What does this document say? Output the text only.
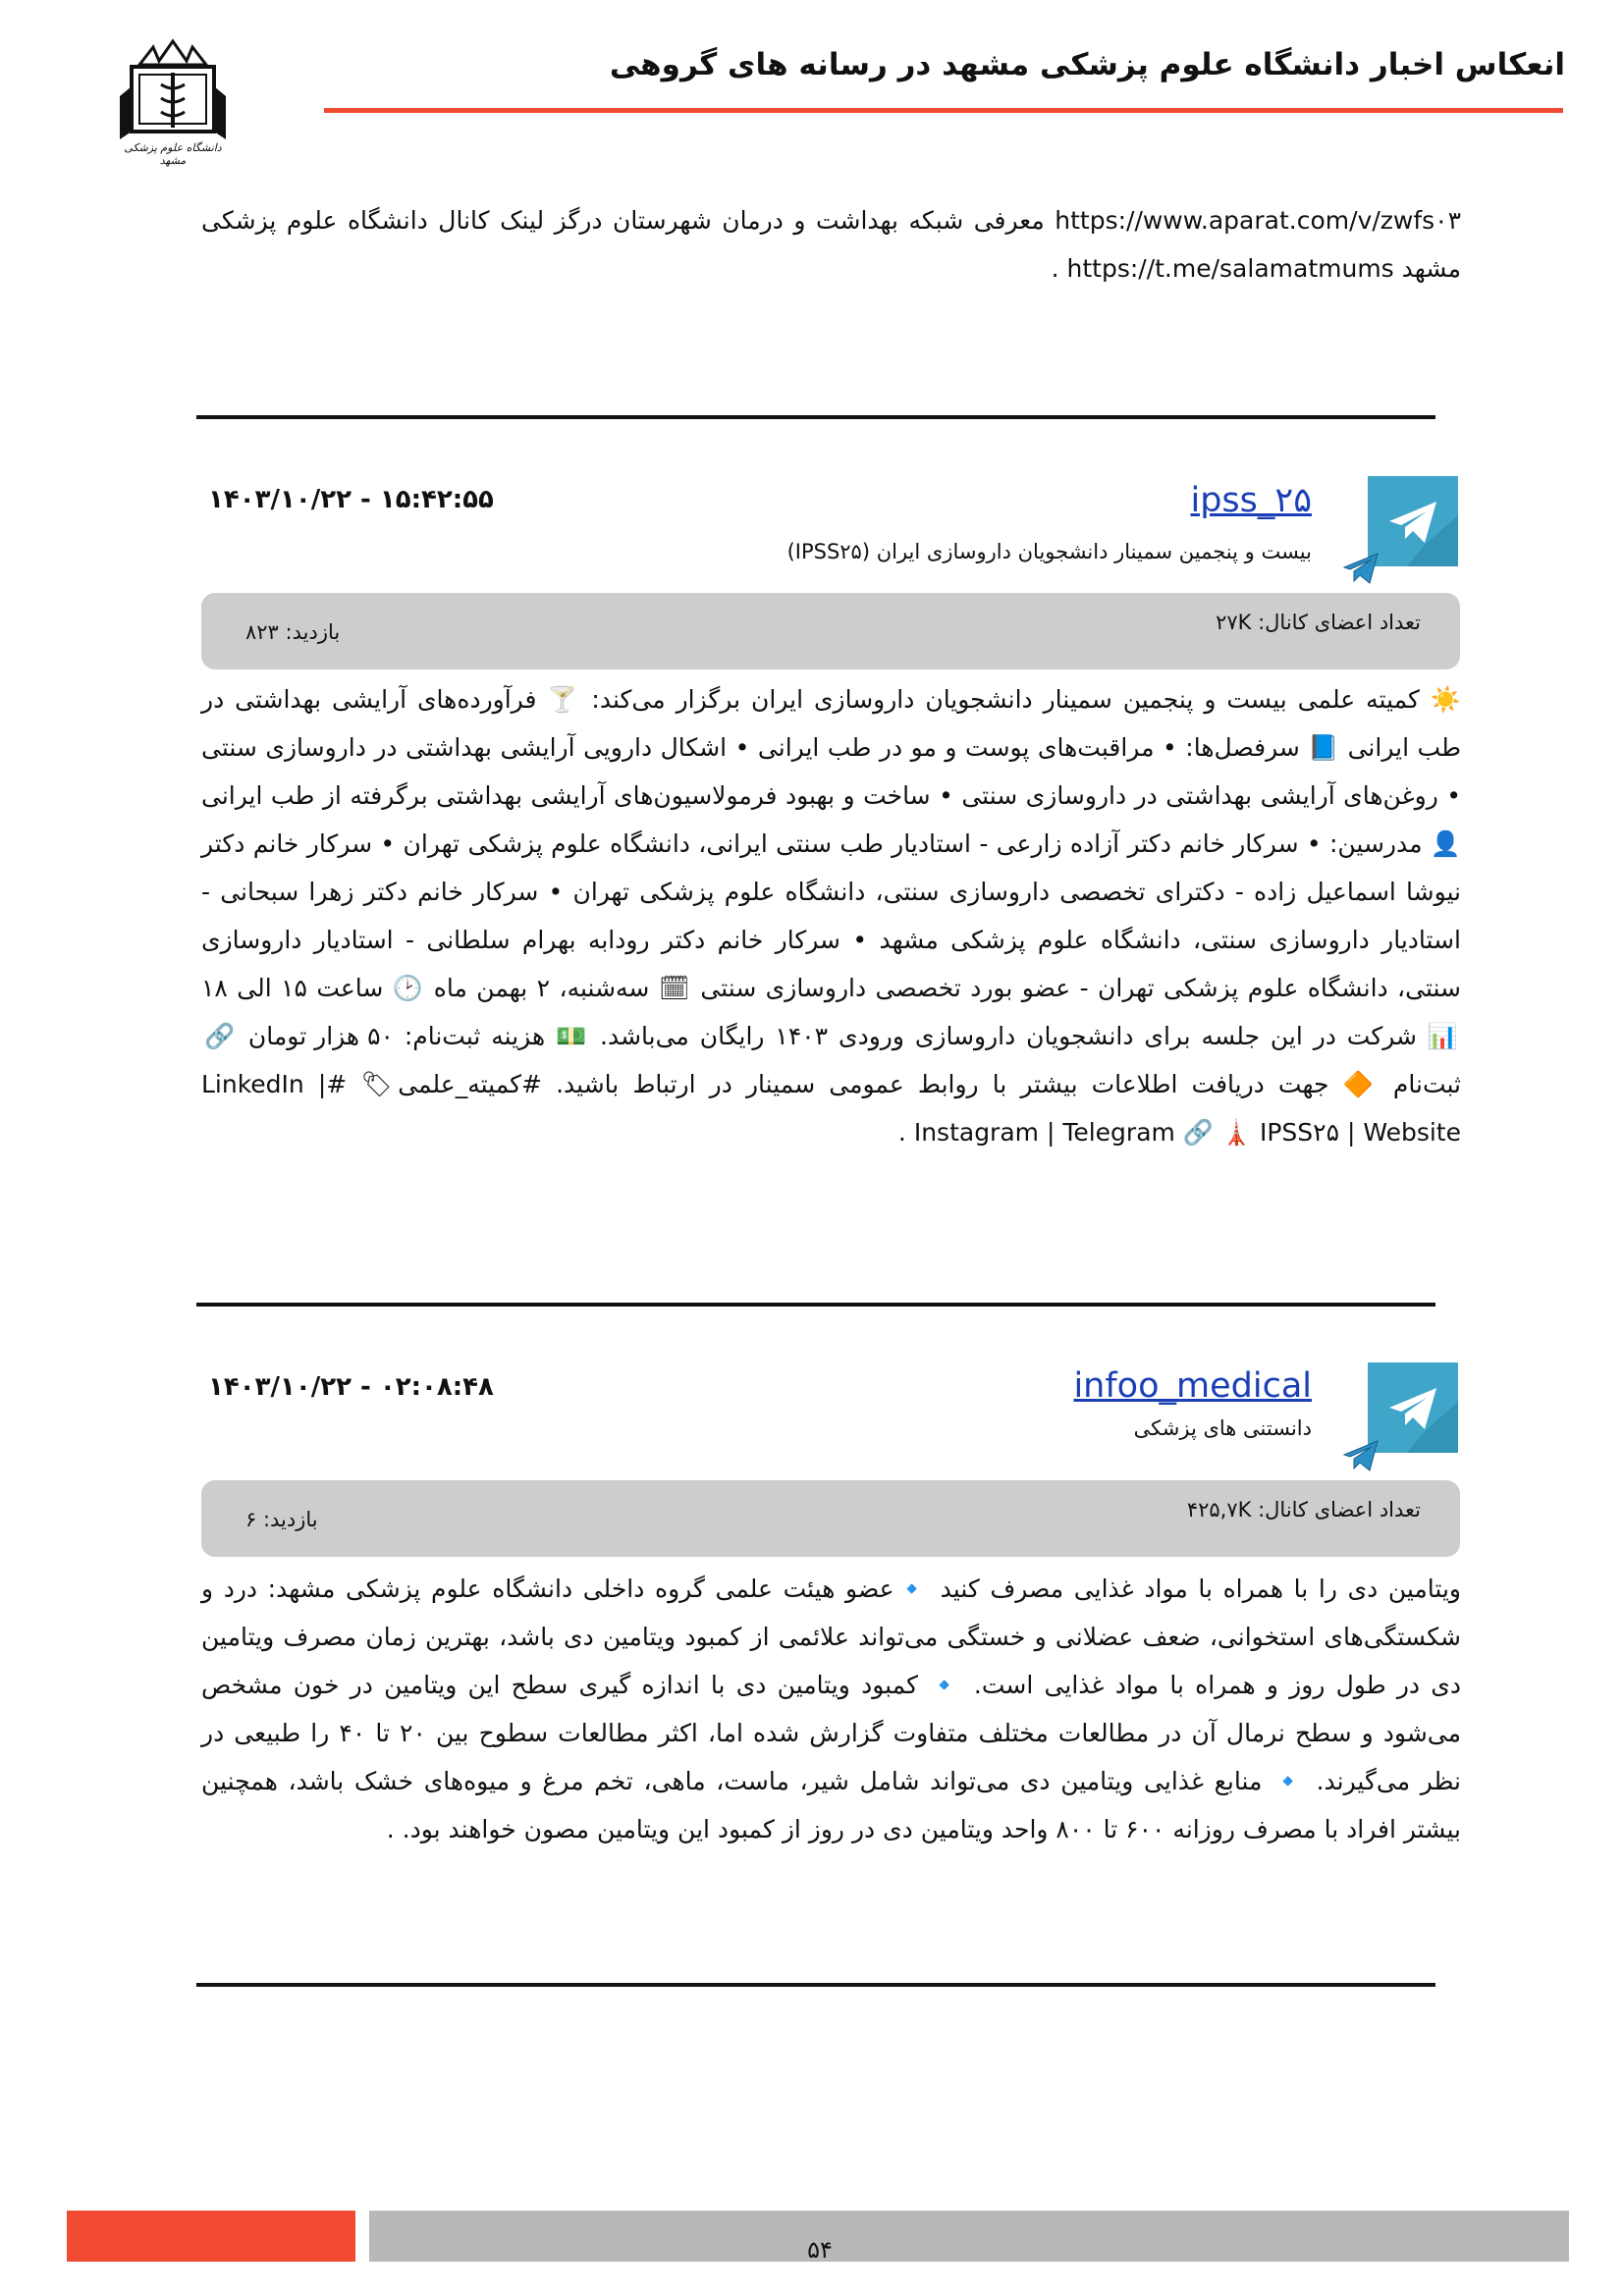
دانشگاه علوم پزشکی مشهد
انعکاس اخبار دانشگاه علوم پزشکی مشهد در رسانه های گروهی
https://www.aparat.com/v/zwfs۰۳ معرفی شبکه بهداشت و درمان شهرستان درگز لینک کانال دانشگاه علوم پزشکی مشهد https://t.me/salamatmums .
ipss_۲۵
بیست و پنجمین سمینار دانشجویان داروسازی ایران (IPSS۲۵)
۱۴۰۳/۱۰/۲۲ - ۱۵:۴۲:۵۵
تعداد اعضای کانال: ۲۷K
بازدید: ۸۲۳
☀️ کمیته علمی بیست و پنجمین سمینار دانشجویان داروسازی ایران برگزار می‌کند: 🍸 فرآورده‌های آرایشی بهداشتی در طب ایرانی 📘 سرفصل‌ها: • مراقبت‌های پوست و مو در طب ایرانی • اشکال دارویی آرایشی بهداشتی در داروسازی سنتی • روغن‌های آرایشی بهداشتی در داروسازی سنتی • ساخت و بهبود فرمولاسیون‌های آرایشی بهداشتی برگرفته از طب ایرانی 👤 مدرسین: • سرکار خانم دکتر آزاده زارعی - استادیار طب سنتی ایرانی، دانشگاه علوم پزشکی تهران • سرکار خانم دکتر نیوشا اسماعیل زاده - دکترای تخصصی داروسازی سنتی، دانشگاه علوم پزشکی تهران • سرکار خانم دکتر زهرا سبحانی - استادیار داروسازی سنتی، دانشگاه علوم پزشکی مشهد • سرکار خانم دکتر رودابه بهرام سلطانی - استادیار داروسازی سنتی، دانشگاه علوم پزشکی تهران - عضو بورد تخصصی داروسازی سنتی 🗓 سه‌شنبه، ۲ بهمن ماه 🕑 ساعت ۱۵ الی ۱۸ 📊 شرکت در این جلسه برای دانشجویان داروسازی ورودی ۱۴۰۳ رایگان می‌باشد. 💵 هزینه ثبت‌نام: ۵۰ هزار تومان 🔗 ثبت‌نام 🔶 جهت دریافت اطلاعات بیشتر با روابط عمومی سمینار در ارتباط باشید. #کمیته_علمی🏷 #LinkedIn | Instagram | Telegram 🔗 🗼 IPSS۲۵ | Website .
infoo_medical
دانستنی های پزشکی
۱۴۰۳/۱۰/۲۲ - ۰۲:۰۸:۴۸
تعداد اعضای کانال: ۴۲۵,۷K
بازدید: ۶
ویتامین دی را با همراه با مواد غذایی مصرف کنید 🔹عضو هیئت علمی گروه داخلی دانشگاه علوم پزشکی مشهد: درد و شکستگی‌های استخوانی، ضعف عضلانی و خستگی می‌تواند علائمی از کمبود ویتامین دی باشد، بهترین زمان مصرف ویتامین دی در طول روز و همراه با مواد غذایی است. 🔹 کمبود ویتامین دی با اندازه گیری سطح این ویتامین در خون مشخص می‌شود و سطح نرمال آن در مطالعات مختلف متفاوت گزارش شده اما، اکثر مطالعات سطوح بین ۲۰ تا ۴۰ را طبیعی در نظر می‌گیرند. 🔹 منابع غذایی ویتامین دی می‌تواند شامل شیر، ماست، ماهی، تخم مرغ و میوه‌های خشک باشد، همچنین بیشتر افراد با مصرف روزانه ۶۰۰ تا ۸۰۰ واحد ویتامین دی در روز از کمبود این ویتامین مصون خواهند بود. .
۵۴
